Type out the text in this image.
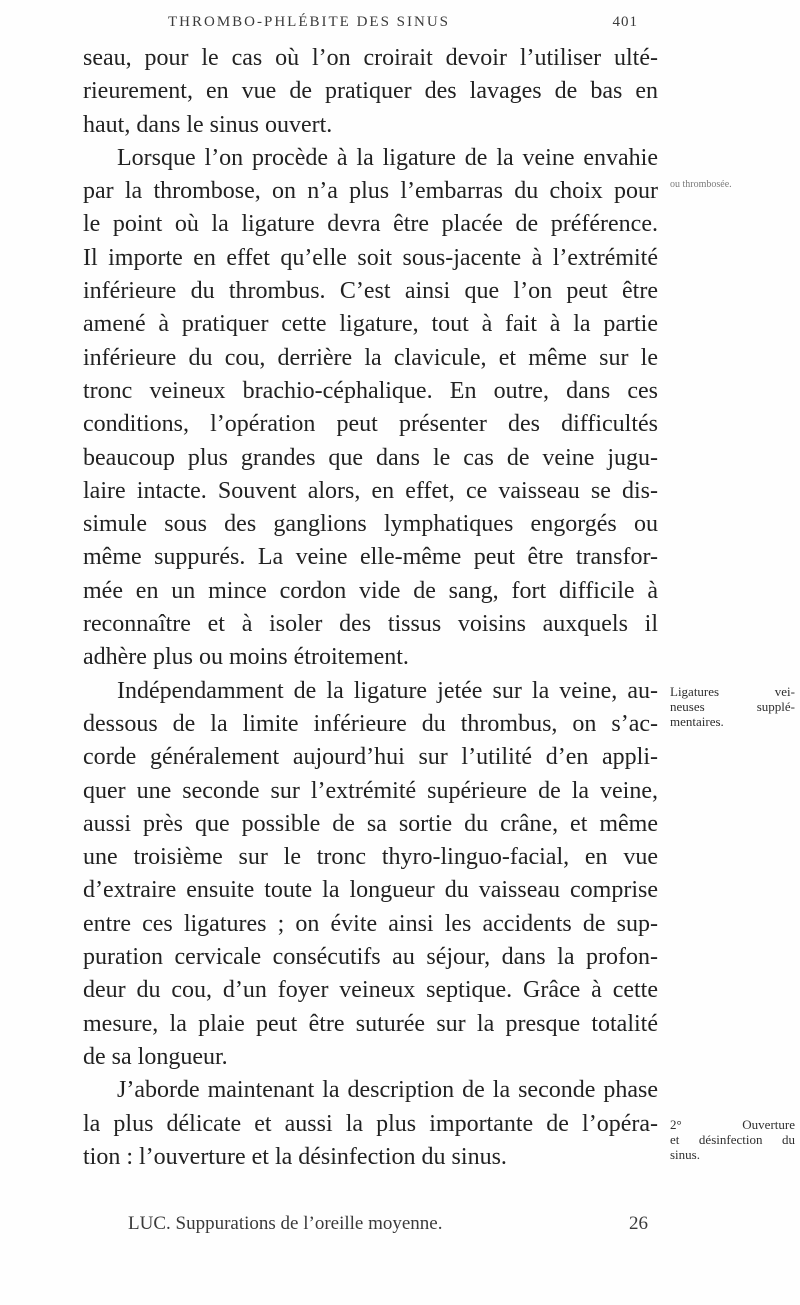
THROMBO-PHLÉBITE DES SINUS	401
seau, pour le cas où l’on croirait devoir l’utiliser ulté-
rieurement, en vue de pratiquer des lavages de bas en
haut, dans le sinus ouvert.
Lorsque l’on procède à la ligature de la veine envahie
par la thrombose, on n’a plus l’embarras du choix pour
le point où la ligature devra être placée de préférence.
Il importe en effet qu’elle soit sous-jacente à l’extrémité
inférieure du thrombus. C’est ainsi que l’on peut être
amené à pratiquer cette ligature, tout à fait à la partie
inférieure du cou, derrière la clavicule, et même sur le
tronc veineux brachio-céphalique. En outre, dans ces
conditions, l’opération peut présenter des difficultés
beaucoup plus grandes que dans le cas de veine jugu-
laire intacte. Souvent alors, en effet, ce vaisseau se dis-
simule sous des ganglions lymphatiques engorgés ou
même suppurés. La veine elle-même peut être transfor-
mée en un mince cordon vide de sang, fort difficile à
reconnaître et à isoler des tissus voisins auxquels il
adhère plus ou moins étroitement.
Indépendamment de la ligature jetée sur la veine, au-
dessous de la limite inférieure du thrombus, on s’ac-
corde généralement aujourd’hui sur l’utilité d’en appli-
quer une seconde sur l’extrémité supérieure de la veine,
aussi près que possible de sa sortie du crâne, et même
une troisième sur le tronc thyro-linguo-facial, en vue
d’extraire ensuite toute la longueur du vaisseau comprise
entre ces ligatures ; on évite ainsi les accidents de sup-
puration cervicale consécutifs au séjour, dans la profon-
deur du cou, d’un foyer veineux septique. Grâce à cette
mesure, la plaie peut être suturée sur la presque totalité
de sa longueur.
J’aborde maintenant la description de la seconde phase
la plus délicate et aussi la plus importante de l’opéra-
tion : l’ouverture et la désinfection du sinus.
ou thrombosée.
Ligatures vei-
neuses supplé-
mentaires.
2° Ouverture
et désinfection du
sinus.
LUC. Suppurations de l’oreille moyenne.	26
